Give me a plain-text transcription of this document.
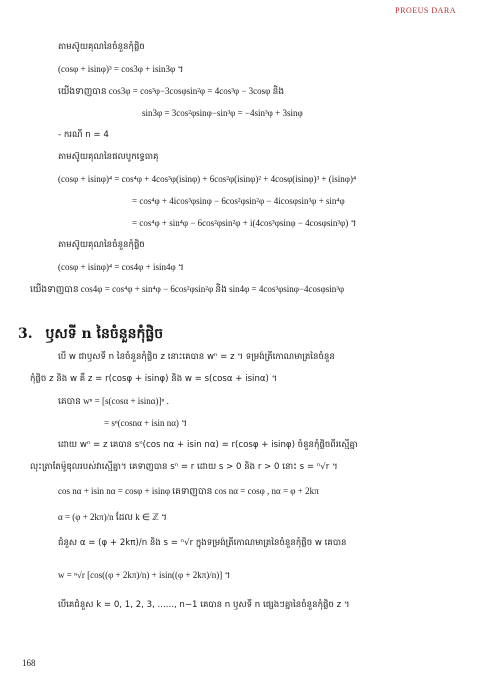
PROEUS DARA
តាមស៊ូយគុណនៃចំនួនកុំផ្លិច
(cosφ + isinφ)³ = cos3φ + isin3φ ។
យើងទាញបាន cos3φ = cos³φ−3cosφsin²φ = 4cos³φ − 3cosφ និង
sin3φ = 3cos²φsinφ−sin³φ = −4sin³φ + 3sinφ
- ករណី n = 4
តាមស៊ូយគុណនៃផលបូកទ្វេធាគុ
(cosφ + isinφ)⁴ = cos⁴φ + 4cos³φ(isinφ) + 6cos²φ(isinφ)² + 4cosφ(isinφ)³ + (isinφ)⁴
= cos⁴φ + 4icos³φsinφ − 6cos²φsin²φ − 4icosφsin³φ + sin⁴φ
= cos⁴φ + sin⁴φ − 6cos²φsin²φ + i(4cos³φsinφ − 4cosφsin³φ) ។
តាមស៊ូយគុណនៃចំនួនកុំផ្លិច
(cosφ + isinφ)⁴ = cos4φ + isin4φ ។
យើងទាញបាន cos4φ = cos⁴φ + sin⁴φ − 6cos²φsin²φ និង sin4φ = 4cos³φsinφ−4cosφsin³φ
បើ w ជាឫសទី n នៃចំនួនកុំផ្លិច z នោះគេបាន wⁿ = z ។ ទម្រង់ត្រីកោណមាត្រនៃចំនួន
កុំផ្លិច z និង w គឺ z = r(cosφ + isinφ) និង w = s(cosα + isinα) ។
គេបាន wⁿ = [s(cosα + isinα)]ⁿ .
= sⁿ(cosnα + isin nα) ។
ដោយ wⁿ = z គេបាន sⁿ(cos nα + isin nα) = r(cosφ + isinφ) ចំនួនកុំផ្លិចពីរស្មើគ្នា
លុះត្រាតែម៉ូឌុលរបស់វាស្មើគ្នា។ គេទាញបាន sⁿ = r ដោយ s > 0 និង r > 0 នោះ s = ⁿ√r ។
cos nα + isin nα = cosφ + isinφ គេទាញបាន cos nα = cosφ , nα = φ + 2kπ
α = (φ + 2kπ)/n ដែល k ∈ ℤ ។
ជំនួស α = (φ + 2kπ)/n និង s = ⁿ√r ក្នុងទម្រង់ត្រីកោណមាត្រនៃចំនួនកុំផ្លិច w គេបាន
w = ⁿ√r [cos((φ + 2kπ)/n) + isin((φ + 2kπ)/n)] ។
បើគេជំនួស k = 0, 1, 2, 3, ......, n−1 គេបាន n ឫសទី n ផ្សេងៗគ្នានៃចំនួនកុំផ្លិច z ។
3. ឫសទី n នៃចំនួនកុំផ្លិច
168
